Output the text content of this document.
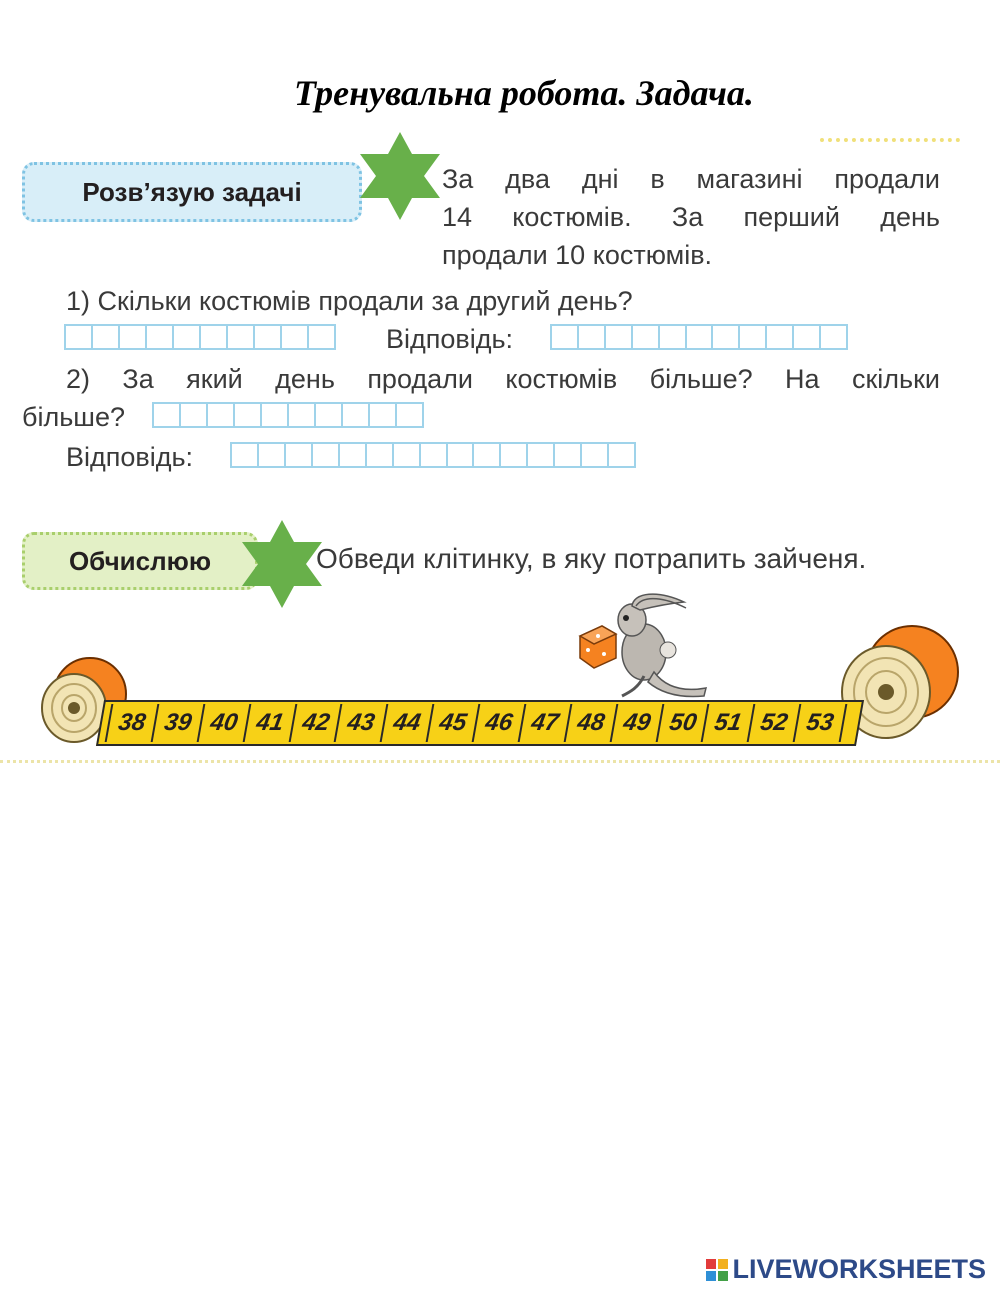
Тренувальна робота. Задача.
Розв’язую задачі	За два дні в магазині продали
14 костюмів. За перший день
продали 10 костюмів.
1) Скільки костюмів продали за другий день?
Відповідь:
2) За який день продали костюмів більше? На скільки
більше?
Відповідь:
Обчислюю	Обведи клітинку, в яку потрапить зайченя.
38 39 40 41 42 43 44 45 46 47 48 49 50 51 52 53
LIVEWORKSHEETS
